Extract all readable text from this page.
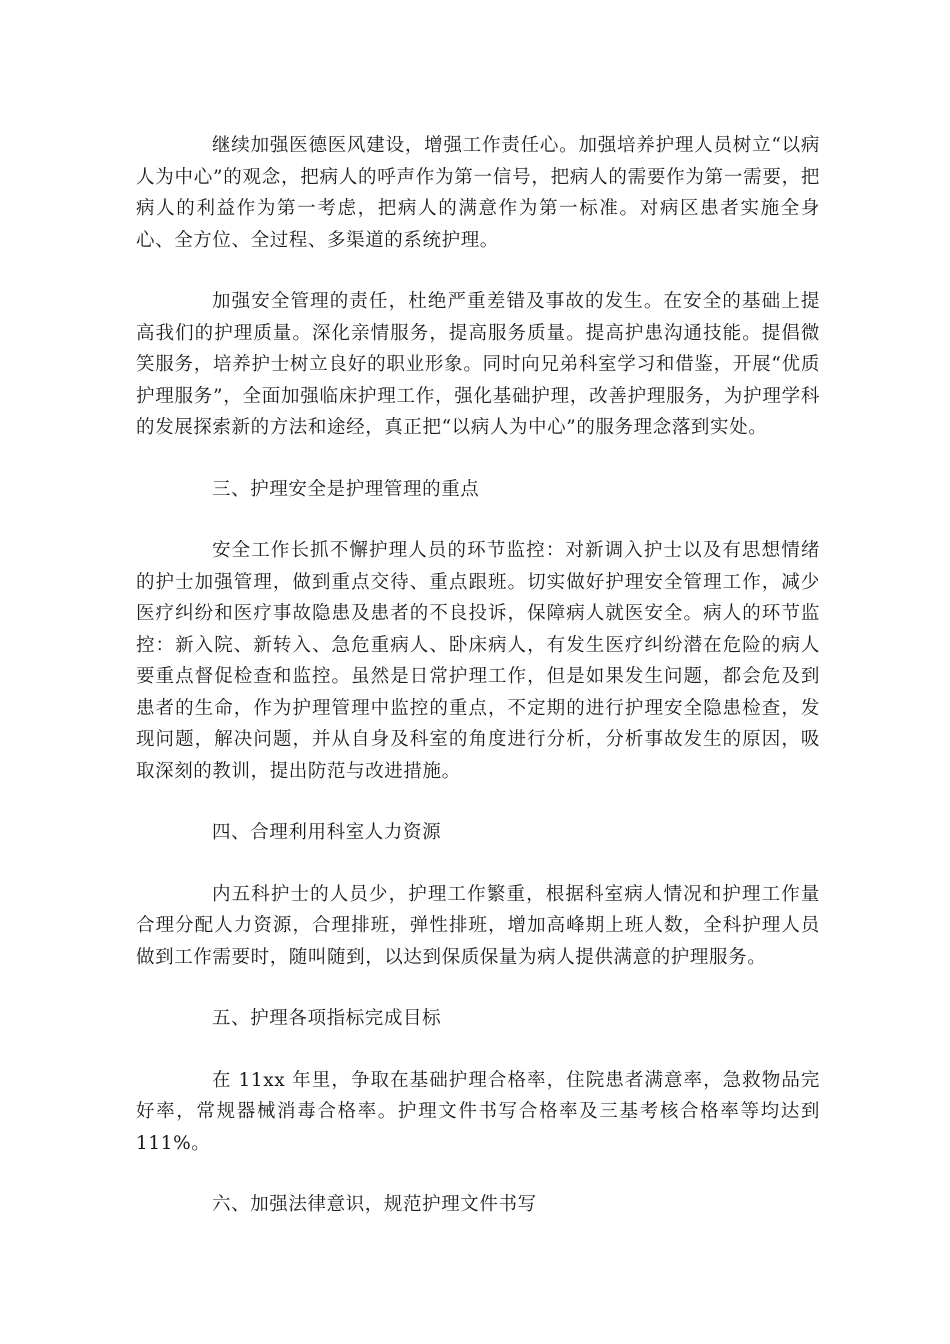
继续加强医德医风建设，增强工作责任心。加强培养护理人员树立“以病人为中心”的观念，把病人的呼声作为第一信号，把病人的需要作为第一需要，把病人的利益作为第一考虑，把病人的满意作为第一标准。对病区患者实施全身心、全方位、全过程、多渠道的系统护理。

加强安全管理的责任，杜绝严重差错及事故的发生。在安全的基础上提高我们的护理质量。深化亲情服务，提高服务质量。提高护患沟通技能。提倡微笑服务，培养护士树立良好的职业形象。同时向兄弟科室学习和借鉴，开展“优质护理服务”，全面加强临床护理工作，强化基础护理，改善护理服务，为护理学科的发展探索新的方法和途经，真正把“以病人为中心”的服务理念落到实处。

三、护理安全是护理管理的重点

安全工作长抓不懈护理人员的环节监控：对新调入护士以及有思想情绪的护士加强管理，做到重点交待、重点跟班。切实做好护理安全管理工作，减少医疗纠纷和医疗事故隐患及患者的不良投诉，保障病人就医安全。病人的环节监控：新入院、新转入、急危重病人、卧床病人，有发生医疗纠纷潜在危险的病人要重点督促检查和监控。虽然是日常护理工作，但是如果发生问题，都会危及到患者的生命，作为护理管理中监控的重点，不定期的进行护理安全隐患检查，发现问题，解决问题，并从自身及科室的角度进行分析，分析事故发生的原因，吸取深刻的教训，提出防范与改进措施。

四、合理利用科室人力资源

内五科护士的人员少，护理工作繁重，根据科室病人情况和护理工作量合理分配人力资源，合理排班，弹性排班，增加高峰期上班人数，全科护理人员做到工作需要时，随叫随到，以达到保质保量为病人提供满意的护理服务。

五、护理各项指标完成目标

在 11xx 年里，争取在基础护理合格率，住院患者满意率，急救物品完好率，常规器械消毒合格率。护理文件书写合格率及三基考核合格率等均达到111%。

六、加强法律意识，规范护理文件书写
